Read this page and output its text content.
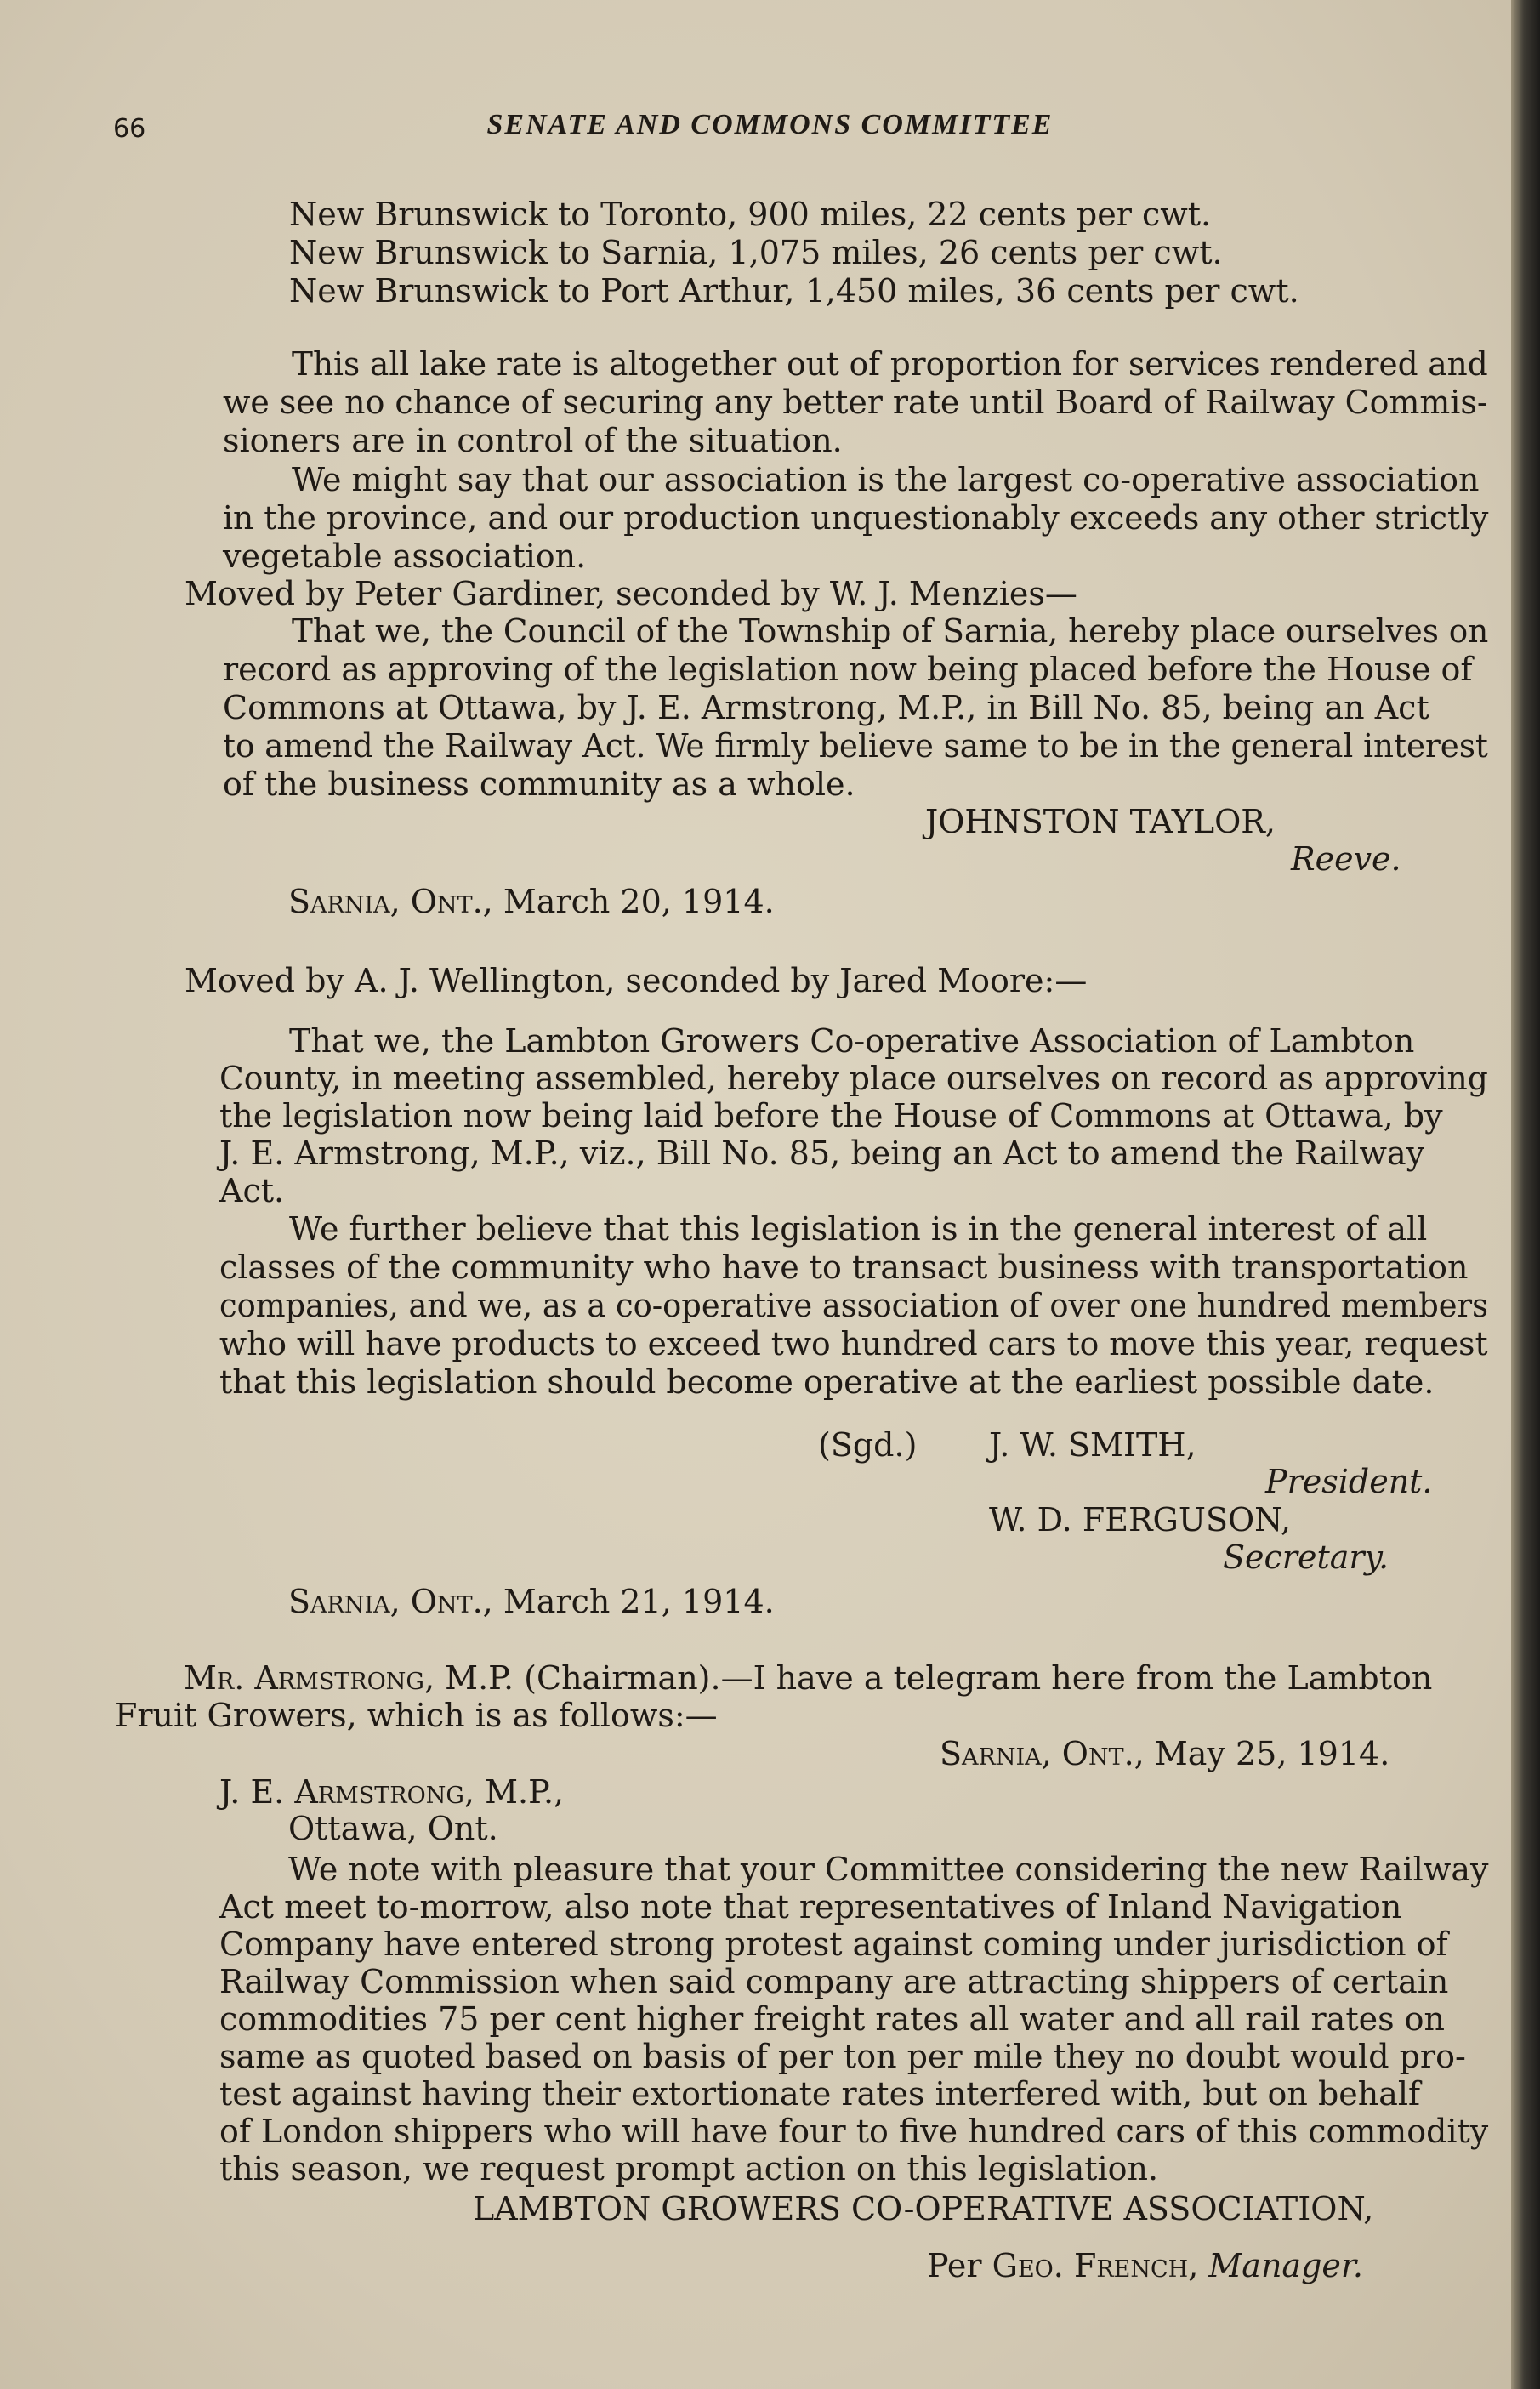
66	SENATE AND COMMONS COMMITTEE

New Brunswick to Toronto, 900 miles, 22 cents per cwt.

New Brunswick to Sarnia, 1,075 miles, 26 cents per cwt.

New Brunswick to Port Arthur, 1,450 miles, 36 cents per cwt.

This all lake rate is altogether out of proportion for services rendered and

we see no chance of securing any better rate until Board of Railway Commis-

sioners are in control of the situation.

We might say that our association is the largest co-operative association

in the province, and our production unquestionably exceeds any other strictly

vegetable association.

Moved by Peter Gardiner, seconded by W. J. Menzies—

That we, the Council of the Township of Sarnia, hereby place ourselves on

record as approving of the legislation now being placed before the House of

Commons at Ottawa, by J. E. Armstrong, M.P., in Bill No. 85, being an Act

to amend the Railway Act. We firmly believe same to be in the general interest

of the business community as a whole.

JOHNSTON TAYLOR,

Reeve.

Sarnia, Ont., March 20, 1914.

Moved by A. J. Wellington, seconded by Jared Moore:—

That we, the Lambton Growers Co-operative Association of Lambton

County, in meeting assembled, hereby place ourselves on record as approving

the legislation now being laid before the House of Commons at Ottawa, by

J. E. Armstrong, M.P., viz., Bill No. 85, being an Act to amend the Railway

Act.

We further believe that this legislation is in the general interest of all

classes of the community who have to transact business with transportation

companies, and we, as a co-operative association of over one hundred members

who will have products to exceed two hundred cars to move this year, request

that this legislation should become operative at the earliest possible date.

(Sgd.) J. W. SMITH,

President.

W. D. FERGUSON,

Secretary.

Sarnia, Ont., March 21, 1914.

Mr. Armstrong, M.P. (Chairman).—I have a telegram here from the Lambton

Fruit Growers, which is as follows:—

Sarnia, Ont., May 25, 1914.

J. E. Armstrong, M.P.,

Ottawa, Ont.

We note with pleasure that your Committee considering the new Railway

Act meet to-morrow, also note that representatives of Inland Navigation

Company have entered strong protest against coming under jurisdiction of

Railway Commission when said company are attracting shippers of certain

commodities 75 per cent higher freight rates all water and all rail rates on

same as quoted based on basis of per ton per mile they no doubt would pro-

test against having their extortionate rates interfered with, but on behalf

of London shippers who will have four to five hundred cars of this commodity

this season, we request prompt action on this legislation.

LAMBTON GROWERS CO-OPERATIVE ASSOCIATION,

Per Geo. French, Manager.
